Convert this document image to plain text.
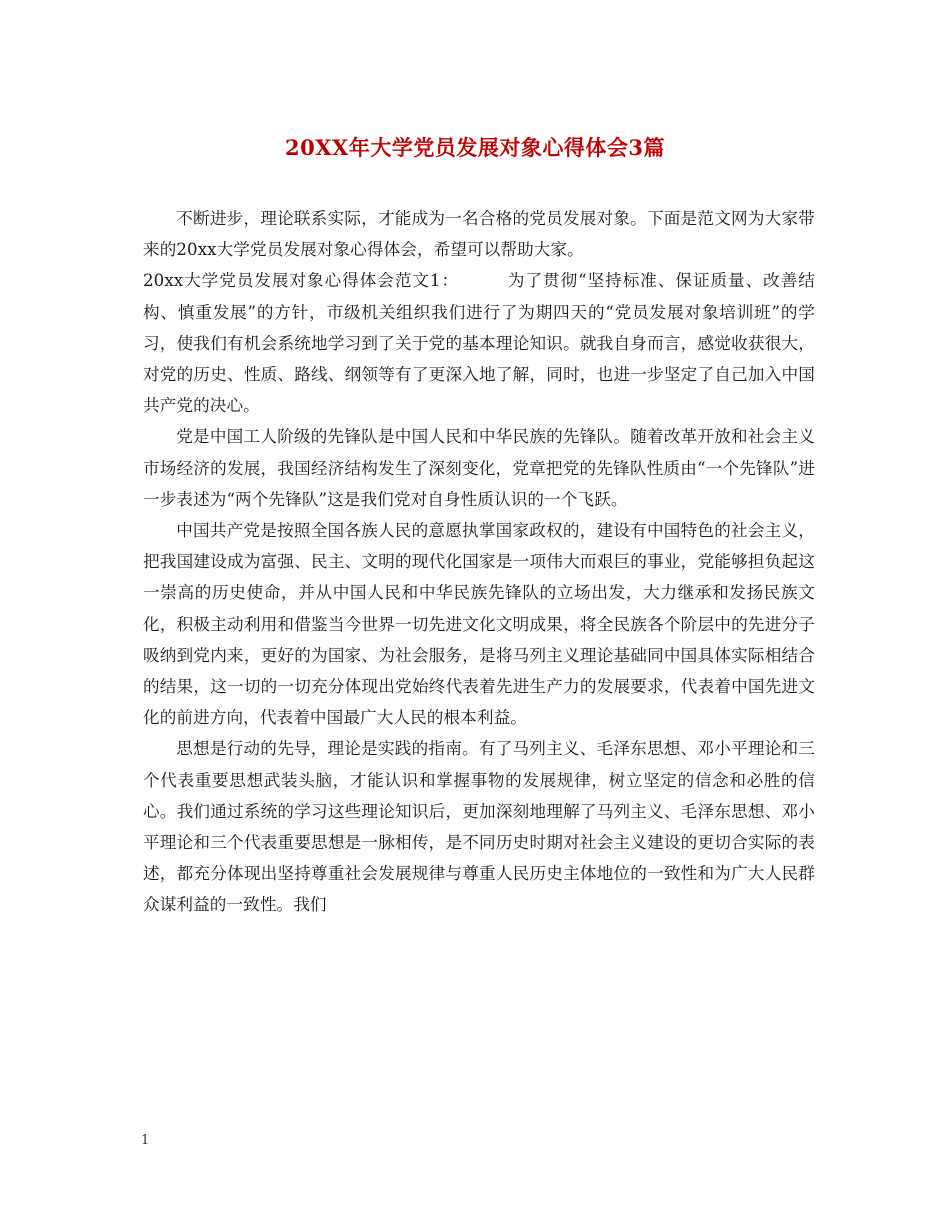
20XX年大学党员发展对象心得体会3篇

不断进步，理论联系实际，才能成为一名合格的党员发展对象。下面是范文网为大家带来的20xx大学党员发展对象心得体会，希望可以帮助大家。

20xx大学党员发展对象心得体会范文1：	为了贯彻“坚持标准、保证质量、改善结构、慎重发展”的方针，市级机关组织我们进行了为期四天的“党员发展对象培训班”的学习，使我们有机会系统地学习到了关于党的基本理论知识。就我自身而言，感觉收获很大，对党的历史、性质、路线、纲领等有了更深入地了解，同时，也进一步坚定了自己加入中国共产党的决心。

党是中国工人阶级的先锋队是中国人民和中华民族的先锋队。随着改革开放和社会主义市场经济的发展，我国经济结构发生了深刻变化，党章把党的先锋队性质由“一个先锋队”进一步表述为“两个先锋队”这是我们党对自身性质认识的一个飞跃。

中国共产党是按照全国各族人民的意愿执掌国家政权的，建设有中国特色的社会主义，把我国建设成为富强、民主、文明的现代化国家是一项伟大而艰巨的事业，党能够担负起这一崇高的历史使命，并从中国人民和中华民族先锋队的立场出发，大力继承和发扬民族文化，积极主动利用和借鉴当今世界一切先进文化文明成果，将全民族各个阶层中的先进分子吸纳到党内来，更好的为国家、为社会服务，是将马列主义理论基础同中国具体实际相结合的结果，这一切的一切充分体现出党始终代表着先进生产力的发展要求，代表着中国先进文化的前进方向，代表着中国最广大人民的根本利益。

思想是行动的先导，理论是实践的指南。有了马列主义、毛泽东思想、邓小平理论和三个代表重要思想武装头脑，才能认识和掌握事物的发展规律，树立坚定的信念和必胜的信心。我们通过系统的学习这些理论知识后，更加深刻地理解了马列主义、毛泽东思想、邓小平理论和三个代表重要思想是一脉相传，是不同历史时期对社会主义建设的更切合实际的表述，都充分体现出坚持尊重社会发展规律与尊重人民历史主体地位的一致性和为广大人民群众谋利益的一致性。我们

1
